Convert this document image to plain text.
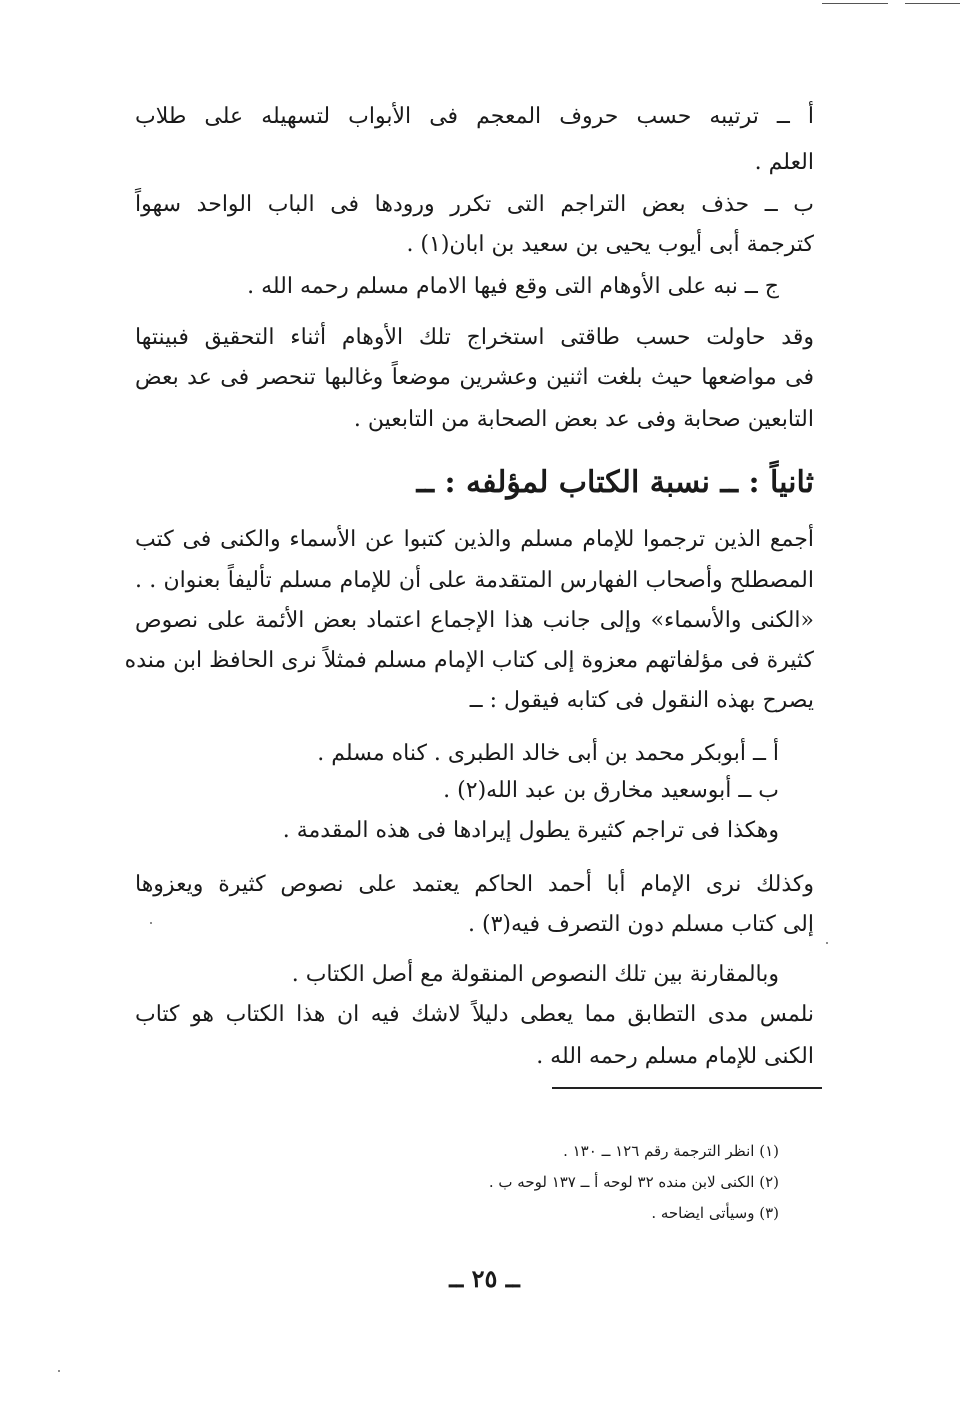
أ ــ ترتيبه حسب حروف المعجم فى الأبواب لتسهيله على طلاب
العلم .
ب ــ حذف بعض التراجم التى تكرر ورودها فى الباب الواحد سهواً
كترجمة أبى أيوب يحيى بن سعيد بن ابان(١) .
ج ــ نبه على الأوهام التى وقع فيها الامام مسلم رحمه الله .
وقد حاولت حسب طاقتى استخراج تلك الأوهام أثناء التحقيق فبينتها
فى مواضعها حيث بلغت اثنين وعشرين موضعاً وغالبها تنحصر فى عد بعض
التابعين صحابة وفى عد بعض الصحابة من التابعين .
ثانياً : ــ نسبة الكتاب لمؤلفه : ــ
أجمع الذين ترجموا للإمام مسلم والذين كتبوا عن الأسماء والكنى فى كتب
المصطلح وأصحاب الفهارس المتقدمة على أن للإمام مسلم تأليفاً بعنوان . .
«الكنى والأسماء» وإلى جانب هذا الإجماع اعتماد بعض الأئمة على نصوص
كثيرة فى مؤلفاتهم معزوة إلى كتاب الإمام مسلم فمثلاً نرى الحافظ ابن منده
يصرح بهذه النقول فى كتابه فيقول : ــ
أ ــ أبوبكر محمد بن أبى خالد الطبرى . كناه مسلم .
ب ــ أبوسعيد مخارق بن عبد الله(٢) .
وهكذا فى تراجم كثيرة يطول إيرادها فى هذه المقدمة .
وكذلك نرى الإمام أبا أحمد الحاكم يعتمد على نصوص كثيرة ويعزوها
إلى كتاب مسلم دون التصرف فيه(٣) .
وبالمقارنة بين تلك النصوص المنقولة مع أصل الكتاب .
نلمس مدى التطابق مما يعطى دليلاً لاشك فيه ان هذا الكتاب هو كتاب
الكنى للإمام مسلم رحمه الله .
(١) انظر الترجمة رقم ١٢٦ ــ ١٣٠ .
(٢) الكنى لابن منده ٣٢ لوحه أ ــ ١٣٧ لوحه ب .
(٣) وسيأتى ايضاحه .
ــ ٢٥ ــ
